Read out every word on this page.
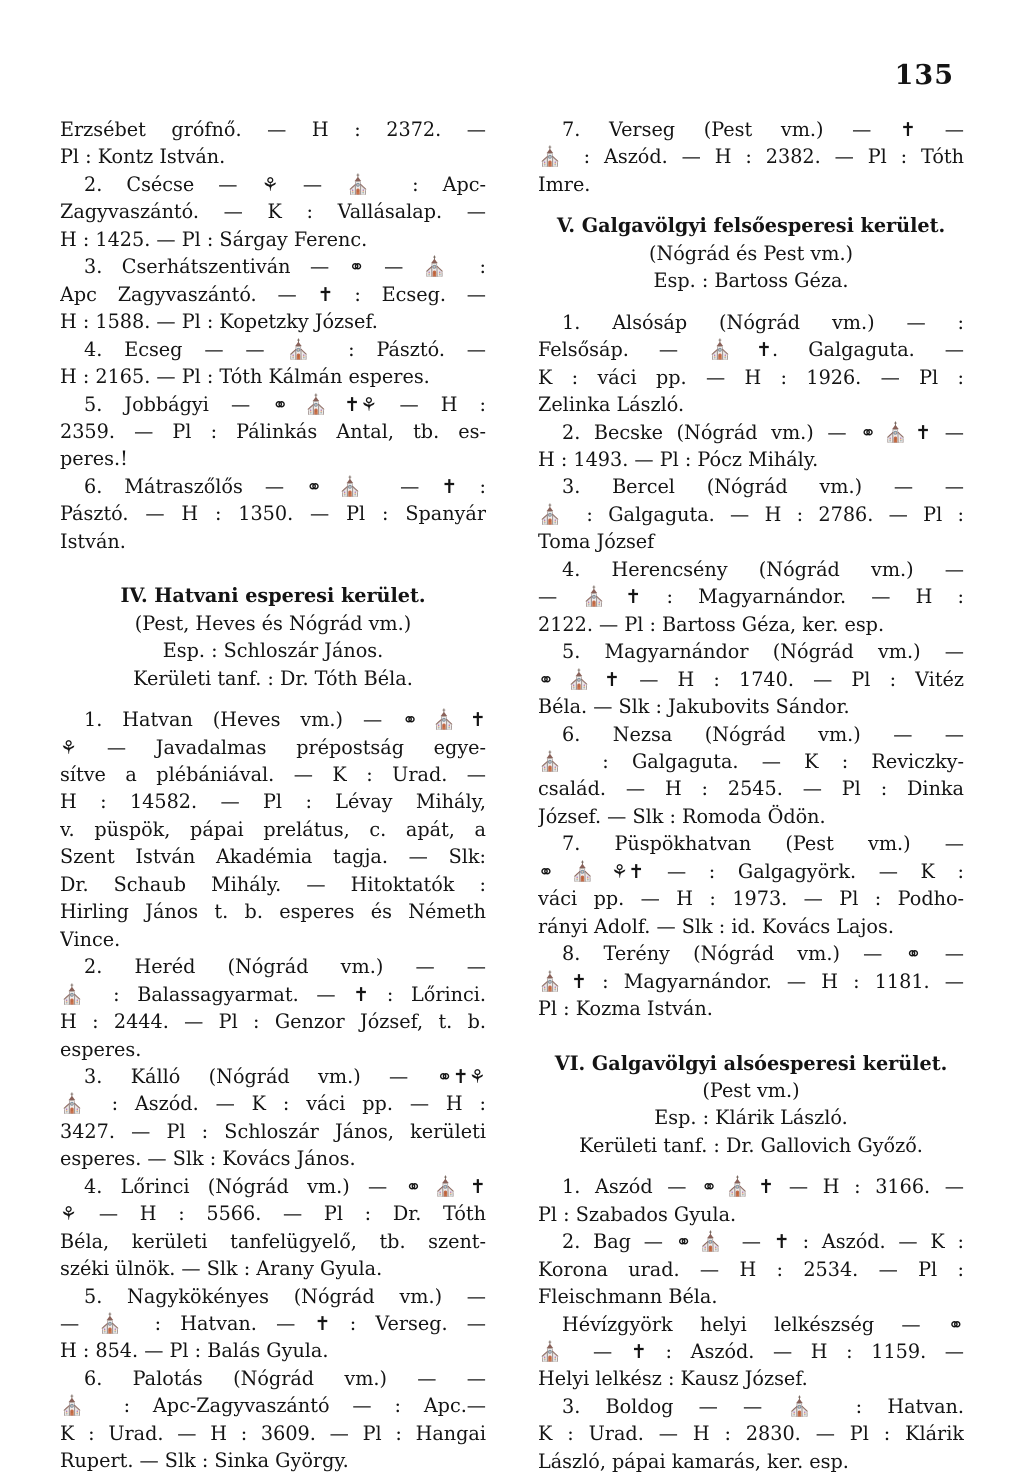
135
Erzsébet grófnő. — H : 2372. —
Pl : Kontz István.
2. Csécse — ⚘ — ⛪ : Apc-
Zagyvaszántó. — K : Vallásalap. —
H : 1425. — Pl : Sárgay Ferenc.
3. Cserhátszentiván — ⚭ — ⛪ :
Apc Zagyvaszántó. — ✝ : Ecseg. —
H : 1588. — Pl : Kopetzky József.
4. Ecseg — — ⛪ : Pásztó. —
H : 2165. — Pl : Tóth Kálmán esperes.
5. Jobbágyi — ⚭⛪✝⚘ — H :
2359. — Pl : Pálinkás Antal, tb. es-
peres.!
6. Mátraszőlős — ⚭⛪ — ✝ :
Pásztó. — H : 1350. — Pl : Spanyár
István.
IV. Hatvani esperesi kerület.
(Pest, Heves és Nógrád vm.)
Esp. : Schloszár János.
Kerületi tanf. : Dr. Tóth Béla.
1. Hatvan (Heves vm.) — ⚭⛪✝
⚘ — Javadalmas prépostság egye-
sítve a plébániával. — K : Urad. —
H : 14582. — Pl : Lévay Mihály,
v. püspök, pápai prelátus, c. apát, a
Szent István Akadémia tagja. — Slk:
Dr. Schaub Mihály. — Hitoktatók :
Hirling János t. b. esperes és Németh
Vince.
2. Heréd (Nógrád vm.) — —
⛪ : Balassagyarmat. — ✝ : Lőrinci.
H : 2444. — Pl : Genzor József, t. b.
esperes.
3. Kálló (Nógrád vm.) — ⚭✝⚘
⛪ : Aszód. — K : váci pp. — H :
3427. — Pl : Schloszár János, kerületi
esperes. — Slk : Kovács János.
4. Lőrinci (Nógrád vm.) — ⚭⛪✝
⚘ — H : 5566. — Pl : Dr. Tóth
Béla, kerületi tanfelügyelő, tb. szent-
széki ülnök. — Slk : Arany Gyula.
5. Nagykökényes (Nógrád vm.) —
— ⛪ : Hatvan. — ✝ : Verseg. —
H : 854. — Pl : Balás Gyula.
6. Palotás (Nógrád vm.) — —
⛪ : Apc-Zagyvaszántó — : Apc.—
K : Urad. — H : 3609. — Pl : Hangai
Rupert. — Slk : Sinka György.
7. Verseg (Pest vm.) — ✝ —
⛪ : Aszód. — H : 2382. — Pl : Tóth
Imre.
V. Galgavölgyi felsőesperesi kerület.
(Nógrád és Pest vm.)
Esp. : Bartoss Géza.
1. Alsósáp (Nógrád vm.) — :
Felsősáp. — ⛪✝. Galgaguta. —
K : váci pp. — H : 1926. — Pl :
Zelinka László.
2. Becske (Nógrád vm.) — ⚭⛪✝ —
H : 1493. — Pl : Pócz Mihály.
3. Bercel (Nógrád vm.) — —
⛪ : Galgaguta. — H : 2786. — Pl :
Toma József
4. Herencsény (Nógrád vm.) —
— ⛪✝ : Magyarnándor. — H :
2122. — Pl : Bartoss Géza, ker. esp.
5. Magyarnándor (Nógrád vm.) —
⚭⛪✝ — H : 1740. — Pl : Vitéz
Béla. — Slk : Jakubovits Sándor.
6. Nezsa (Nógrád vm.) — —
⛪ : Galgaguta. — K : Reviczky-
család. — H : 2545. — Pl : Dinka
József. — Slk : Romoda Ödön.
7. Püspökhatvan (Pest vm.) —
⚭⛪⚘✝ — : Galgagyörk. — K :
váci pp. — H : 1973. — Pl : Podho-
rányi Adolf. — Slk : id. Kovács Lajos.
8. Terény (Nógrád vm.) — ⚭ —
⛪✝ : Magyarnándor. — H : 1181. —
Pl : Kozma István.
VI. Galgavölgyi alsóesperesi kerület.
(Pest vm.)
Esp. : Klárik László.
Kerületi tanf. : Dr. Gallovich Győző.
1. Aszód — ⚭⛪✝ — H : 3166. —
Pl : Szabados Gyula.
2. Bag — ⚭⛪ — ✝ : Aszód. — K :
Korona urad. — H : 2534. — Pl :
Fleischmann Béla.
Hévízgyörk helyi lelkészség — ⚭
⛪ — ✝ : Aszód. — H : 1159. —
Helyi lelkész : Kausz József.
3. Boldog — — ⛪ : Hatvan.
K : Urad. — H : 2830. — Pl : Klárik
László, pápai kamarás, ker. esp.
